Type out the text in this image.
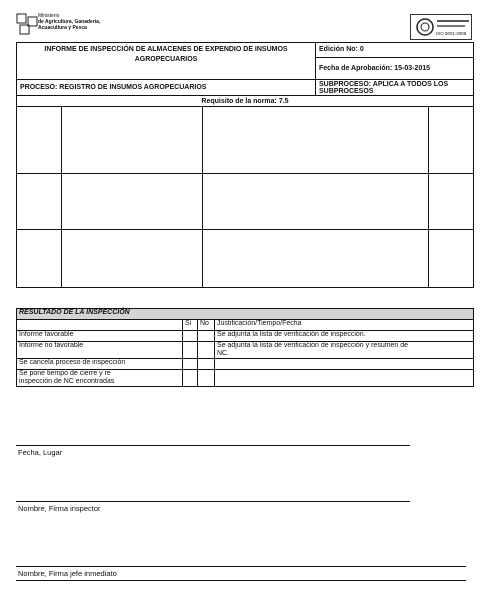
Ministerio
de Agricultura, Ganadería,
Acuacultura y Pesca
ISO 9001:2008
INFORME DE INSPECCIÓN DE ALMACENES DE EXPENDIO DE INSUMOS
AGROPECUARIOS
Edición No: 0
Fecha de Aprobación: 15-03-2015
PROCESO: REGISTRO DE INSUMOS AGROPECUARIOS	SUBPROCESO: APLICA A TODOS LOS
SUBPROCESOS
Requisito de la norma: 7.5
RESULTADO DE LA INSPECCIÓN			
	Sí	No	Justificación/Tiempo/Fecha
Informe favorable			Se adjunta la lista de verificación de inspección.
Informe no favorable			Se adjunta la lista de verificación de inspección y resumen de
NC.

Se cancela proceso de inspección			

Se pone tiempo de cierre y re
inspección de NC encontradas			

Fecha, Lugar
Nombre, Firma inspector
Nombre, Firma jefe inmediato
